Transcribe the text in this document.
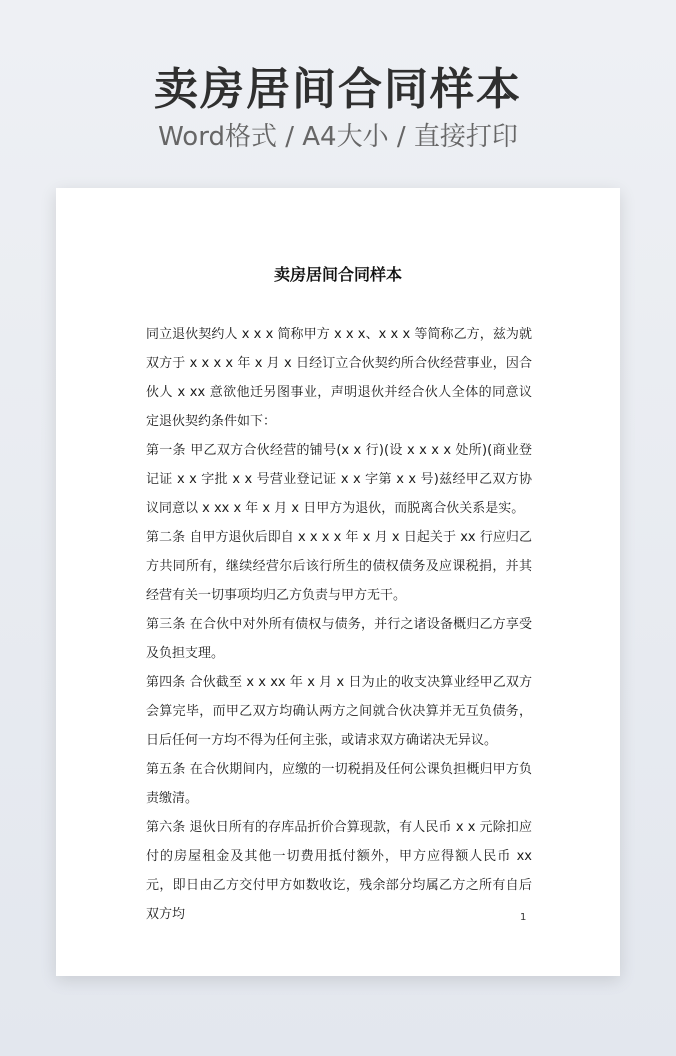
卖房居间合同样本
Word格式 / A4大小 / 直接打印
卖房居间合同样本

同立退伙契约人 x x x 简称甲方 x x x、x x x 等简称乙方，兹为就双方于 x x x x 年 x 月 x 日经订立合伙契约所合伙经营事业，因合伙人 x xx 意欲他迁另图事业，声明退伙并经合伙人全体的同意议定退伙契约条件如下：

第一条 甲乙双方合伙经营的铺号(x x 行)(设 x x x x 处所)(商业登记证 x x 字批 x x 号营业登记证 x x 字第 x x 号)兹经甲乙双方协议同意以 x xx x 年 x 月 x 日甲方为退伙，而脱离合伙关系是实。

第二条 自甲方退伙后即自 x x x x 年 x 月 x 日起关于 xx 行应归乙方共同所有，继续经营尔后该行所生的债权债务及应课税捐，并其经营有关一切事项均归乙方负责与甲方无干。

第三条 在合伙中对外所有债权与债务，并行之诸设备概归乙方享受及负担支理。

第四条 合伙截至 x x xx 年 x 月 x 日为止的收支决算业经甲乙双方会算完毕，而甲乙双方均确认两方之间就合伙决算并无互负债务，日后任何一方均不得为任何主张，或请求双方确诺决无异议。

第五条 在合伙期间内，应缴的一切税捐及任何公课负担概归甲方负责缴清。

第六条 退伙日所有的存库品折价合算现款，有人民币 x x 元除扣应付的房屋租金及其他一切费用抵付额外，甲方应得额人民币 xx 元，即日由乙方交付甲方如数收讫，残余部分均属乙方之所有自后双方均	1
